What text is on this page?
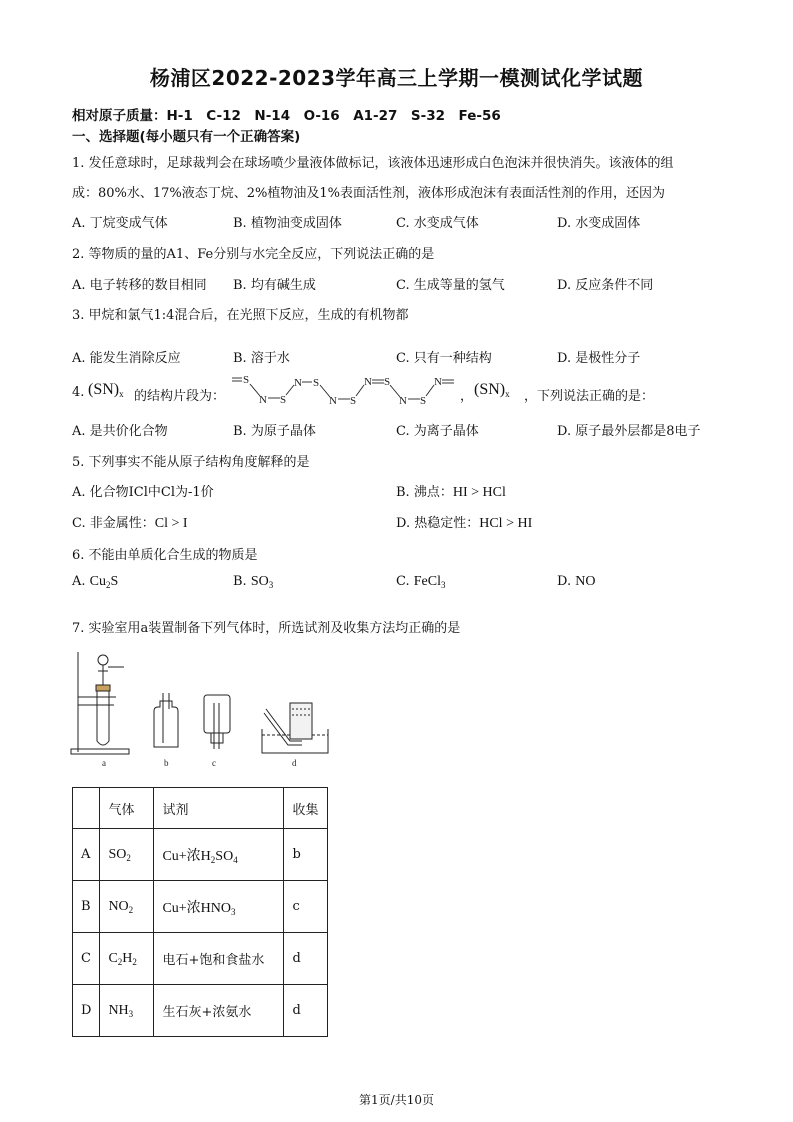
杨浦区2022-2023学年高三上学期一模测试化学试题
相对原子质量：H-1　C-12　N-14　O-16　A1-27　S-32　Fe-56
一、选择题(每小题只有一个正确答案)
1. 发任意球时，足球裁判会在球场喷少量液体做标记，该液体迅速形成白色泡沫并很快消失。该液体的组
成：80%水、17%液态丁烷、2%植物油及1%表面活性剂，液体形成泡沫有表面活性剂的作用，还因为
A. 丁烷变成气体	B. 植物油变成固体	C. 水变成气体	D. 水变成固体
2. 等物质的量的A1、Fe分别与水完全反应，下列说法正确的是
A. 电子转移的数目相同 B. 均有碱生成	C. 生成等量的氢气	D. 反应条件不同
3. 甲烷和氯气1:4混合后，在光照下反应，生成的有机物都
A. 能发生消除反应	B. 溶于水	C. 只有一种结构	D. 是极性分子
4. $(SN)_x$ 的结构片段为：
S
N S
N S
N S
N S
N S
N
， $(SN)_x$ ，下列说法正确的是：
A. 是共价化合物	B. 为原子晶体	C. 为离子晶体	D. 原子最外层都是8电子
5. 下列事实不能从原子结构角度解释的是
A. 化合物ICl中Cl为-1价	B. 沸点：HI > HCl
C. 非金属性：Cl > I	D. 热稳定性：HCl > HI
6. 不能由单质化合生成的物质是
A. $Cu_2S$	B. $SO_3$	C. FeCl$_3$	D. NO
7. 实验室用a装置制备下列气体时，所选试剂及收集方法均正确的是
a	b	c	d
	气体	试剂	收集
A	$SO_2$	Cu+浓$H_2SO_4$	b
B	$NO_2$	Cu+浓$HNO_3$	c
C	$C_2H_2$	电石+饱和食盐水	d
D	$NH_3$	生石灰+浓氨水	d
第1页/共10页
